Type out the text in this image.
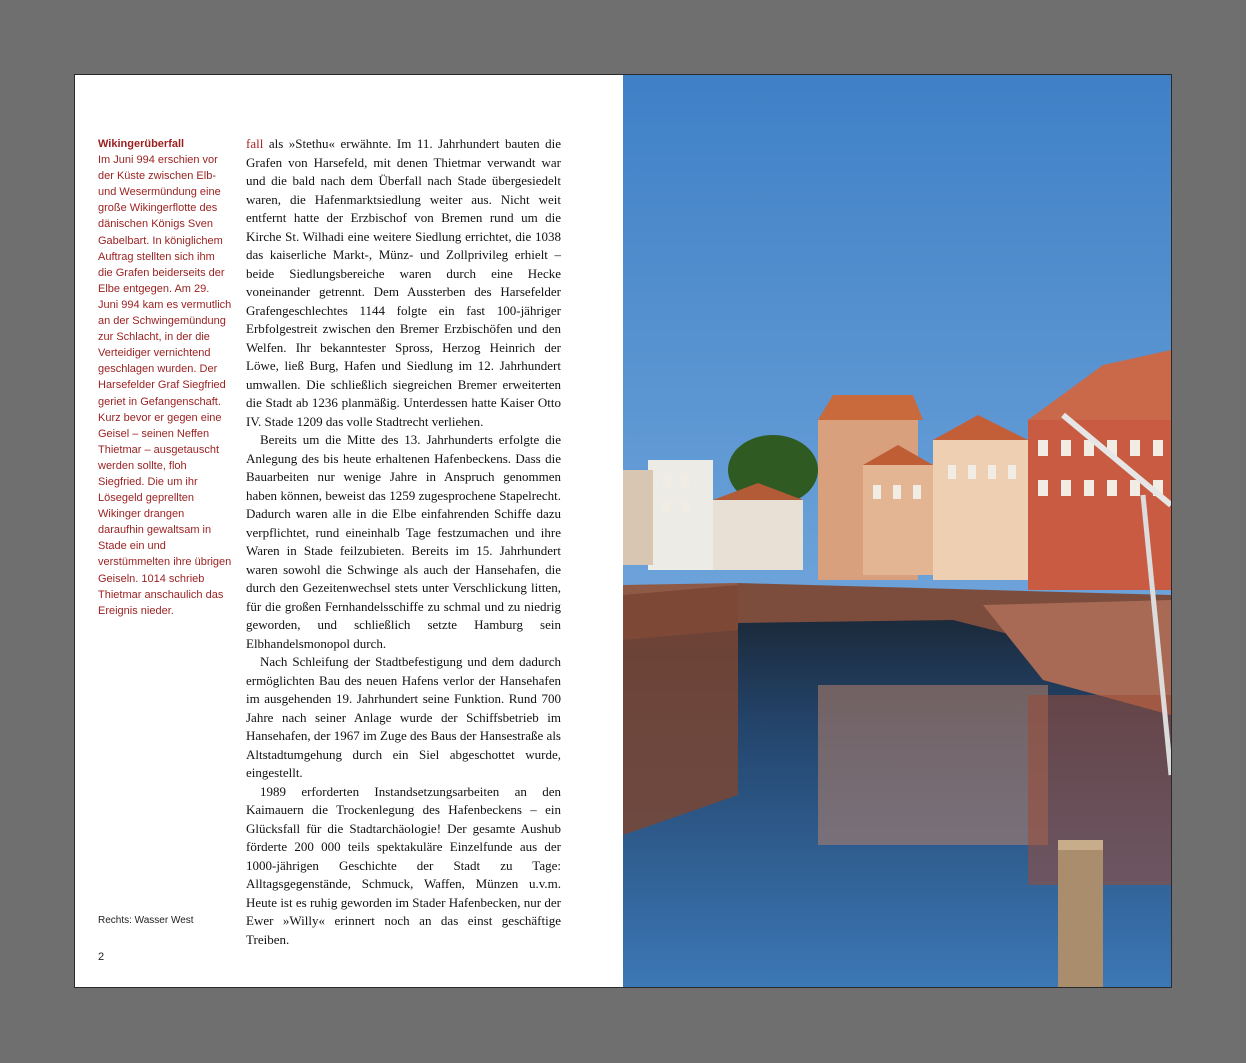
Wikingerüberfall
Im Juni 994 erschien vor der Küste zwischen Elb- und Wesermündung eine große Wikingerflotte des dänischen Königs Sven Gabelbart. In königlichem Auftrag stellten sich ihm die Grafen beiderseits der Elbe entgegen. Am 29. Juni 994 kam es vermutlich an der Schwingemündung zur Schlacht, in der die Verteidiger vernichtend geschlagen wurden. Der Harsefelder Graf Siegfried geriet in Gefangenschaft. Kurz bevor er gegen eine Geisel – seinen Neffen Thietmar – ausgetauscht werden sollte, floh Siegfried. Die um ihr Lösegeld geprellten Wikinger drangen daraufhin gewaltsam in Stade ein und verstümmelten ihre übrigen Geiseln. 1014 schrieb Thietmar anschaulich das Ereignis nieder.

fall als »Stethu« erwähnte. Im 11. Jahrhundert bauten die Grafen von Harsefeld, mit denen Thietmar verwandt war und die bald nach dem Überfall nach Stade übergesiedelt waren, die Hafenmarktsiedlung weiter aus. Nicht weit entfernt hatte der Erzbischof von Bremen rund um die Kirche St. Wilhadi eine weitere Siedlung errichtet, die 1038 das kaiserliche Markt-, Münz- und Zollprivileg erhielt – beide Siedlungsbereiche waren durch eine Hecke voneinander getrennt. Dem Aussterben des Harsefelder Grafengeschlechtes 1144 folgte ein fast 100-jähriger Erbfolgestreit zwischen den Bremer Erzbischöfen und den Welfen. Ihr bekanntester Spross, Herzog Heinrich der Löwe, ließ Burg, Hafen und Siedlung im 12. Jahrhundert umwallen. Die schließlich siegreichen Bremer erweiterten die Stadt ab 1236 planmäßig. Unterdessen hatte Kaiser Otto IV. Stade 1209 das volle Stadtrecht verliehen.

Bereits um die Mitte des 13. Jahrhunderts erfolgte die Anlegung des bis heute erhaltenen Hafenbeckens. Dass die Bauarbeiten nur wenige Jahre in Anspruch genommen haben können, beweist das 1259 zugesprochene Stapelrecht. Dadurch waren alle in die Elbe einfahrenden Schiffe dazu verpflichtet, rund eineinhalb Tage festzumachen und ihre Waren in Stade feilzubieten. Bereits im 15. Jahrhundert waren sowohl die Schwinge als auch der Hansehafen, die durch den Gezeitenwechsel stets unter Verschlickung litten, für die großen Fernhandelsschiffe zu schmal und zu niedrig geworden, und schließlich setzte Hamburg sein Elbhandelsmonopol durch.

Nach Schleifung der Stadtbefestigung und dem dadurch ermöglichten Bau des neuen Hafens verlor der Hansehafen im ausgehenden 19. Jahrhundert seine Funktion. Rund 700 Jahre nach seiner Anlage wurde der Schiffsbetrieb im Hansehafen, der 1967 im Zuge des Baus der Hansestraße als Altstadtumgehung durch ein Siel abgeschottet wurde, eingestellt.

1989 erforderten Instandsetzungsarbeiten an den Kaimauern die Trockenlegung des Hafenbeckens – ein Glücksfall für die Stadtarchäologie! Der gesamte Aushub förderte 200 000 teils spektakuläre Einzelfunde aus der 1000-jährigen Geschichte der Stadt zu Tage: Alltagsgegenstände, Schmuck, Waffen, Münzen u.v.m. Heute ist es ruhig geworden im Stader Hafenbecken, nur der Ewer »Willy« erinnert noch an das einst geschäftige Treiben.

Rechts: Wasser West
2
